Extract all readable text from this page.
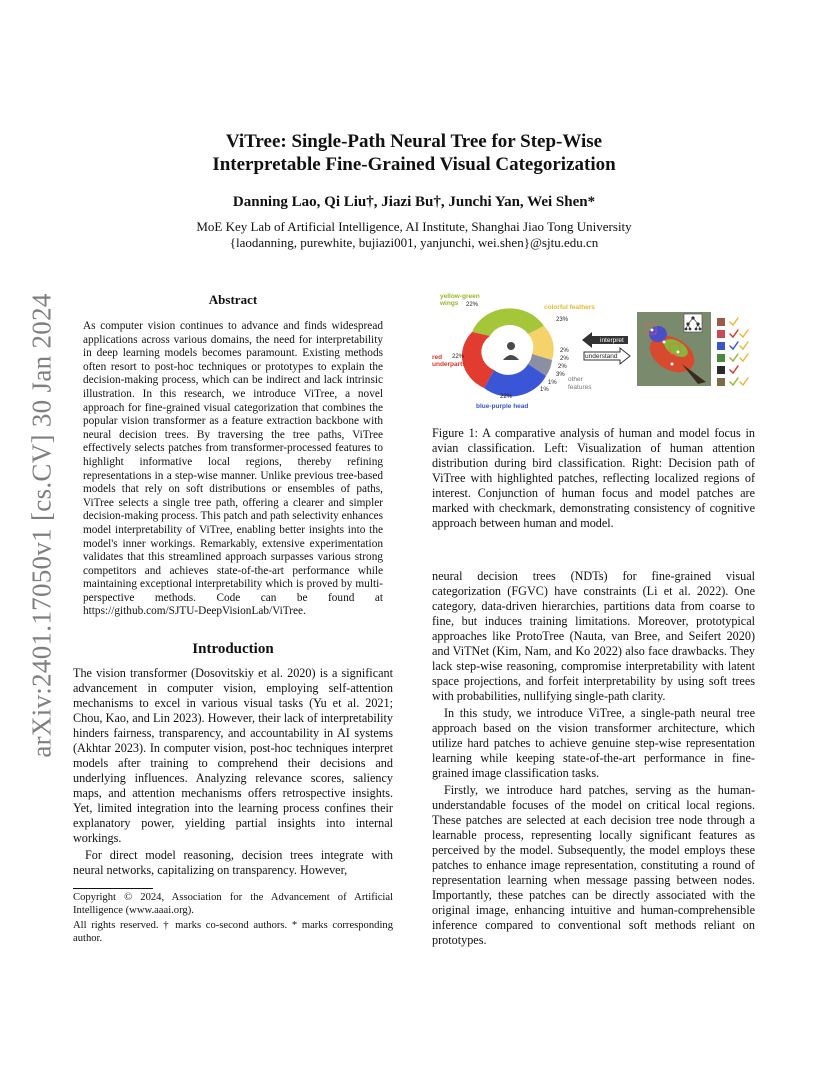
arXiv:2401.17050v1 [cs.CV] 30 Jan 2024
ViTree: Single-Path Neural Tree for Step-Wise
Interpretable Fine-Grained Visual Categorization
Danning Lao, Qi Liu†, Jiazi Bu†, Junchi Yan, Wei Shen*
MoE Key Lab of Artificial Intelligence, AI Institute, Shanghai Jiao Tong University
{laodanning, purewhite, bujiazi001, yanjunchi, wei.shen}@sjtu.edu.cn
Abstract

As computer vision continues to advance and finds widespread applications across various domains, the need for interpretability in deep learning models becomes paramount. Existing methods often resort to post-hoc techniques or prototypes to explain the decision-making process, which can be indirect and lack intrinsic illustration. In this research, we introduce ViTree, a novel approach for fine-grained visual categorization that combines the popular vision transformer as a feature extraction backbone with neural decision trees. By traversing the tree paths, ViTree effectively selects patches from transformer-processed features to highlight informative local regions, thereby refining representations in a step-wise manner. Unlike previous tree-based models that rely on soft distributions or ensembles of paths, ViTree selects a single tree path, offering a clearer and simpler decision-making process. This patch and path selectivity enhances model interpretability of ViTree, enabling better insights into the model's inner workings. Remarkably, extensive experimentation validates that this streamlined approach surpasses various strong competitors and achieves state-of-the-art performance while maintaining exceptional interpretability which is proved by multi-perspective methods. Code can be found at https://github.com/SJTU-DeepVisionLab/ViTree.

Introduction

The vision transformer (Dosovitskiy et al. 2020) is a significant advancement in computer vision, employing self-attention mechanisms to excel in various visual tasks (Yu et al. 2021; Chou, Kao, and Lin 2023). However, their lack of interpretability hinders fairness, transparency, and accountability in AI systems (Akhtar 2023). In computer vision, post-hoc techniques interpret models after training to comprehend their decisions and underlying influences. Analyzing relevance scores, saliency maps, and attention mechanisms offers retrospective insights. Yet, limited integration into the learning process confines their explanatory power, yielding partial insights into internal workings.

For direct model reasoning, decision trees integrate with neural networks, capitalizing on transparency. However,

Copyright © 2024, Association for the Advancement of Artificial Intelligence (www.aaai.org).
All rights reserved. † marks co-second authors. * marks corresponding author.
yellow-green
wings
colorful feathers
red
underparts
blue-purple head
22%
23%
22%
22%
2%
2%
2%
3%
1%
1%
other
features
interpret
understand

Figure 1: A comparative analysis of human and model focus in avian classification. Left: Visualization of human attention distribution during bird classification. Right: Decision path of ViTree with highlighted patches, reflecting localized regions of interest. Conjunction of human focus and model patches are marked with checkmark, demonstrating consistency of cognitive approach between human and model.

neural decision trees (NDTs) for fine-grained visual categorization (FGVC) have constraints (Li et al. 2022). One category, data-driven hierarchies, partitions data from coarse to fine, but induces training limitations. Moreover, prototypical approaches like ProtoTree (Nauta, van Bree, and Seifert 2020) and ViTNet (Kim, Nam, and Ko 2022) also face drawbacks. They lack step-wise reasoning, compromise interpretability with latent space projections, and forfeit interpretability by using soft trees with probabilities, nullifying single-path clarity.

In this study, we introduce ViTree, a single-path neural tree approach based on the vision transformer architecture, which utilize hard patches to achieve genuine step-wise representation learning while keeping state-of-the-art performance in fine-grained image classification tasks.

Firstly, we introduce hard patches, serving as the human-understandable focuses of the model on critical local regions. These patches are selected at each decision tree node through a learnable process, representing locally significant features as perceived by the model. Subsequently, the model employs these patches to enhance image representation, constituting a round of representation learning when message passing between nodes. Importantly, these patches can be directly associated with the original image, enhancing intuitive and human-comprehensible inference compared to conventional soft methods reliant on prototypes.
